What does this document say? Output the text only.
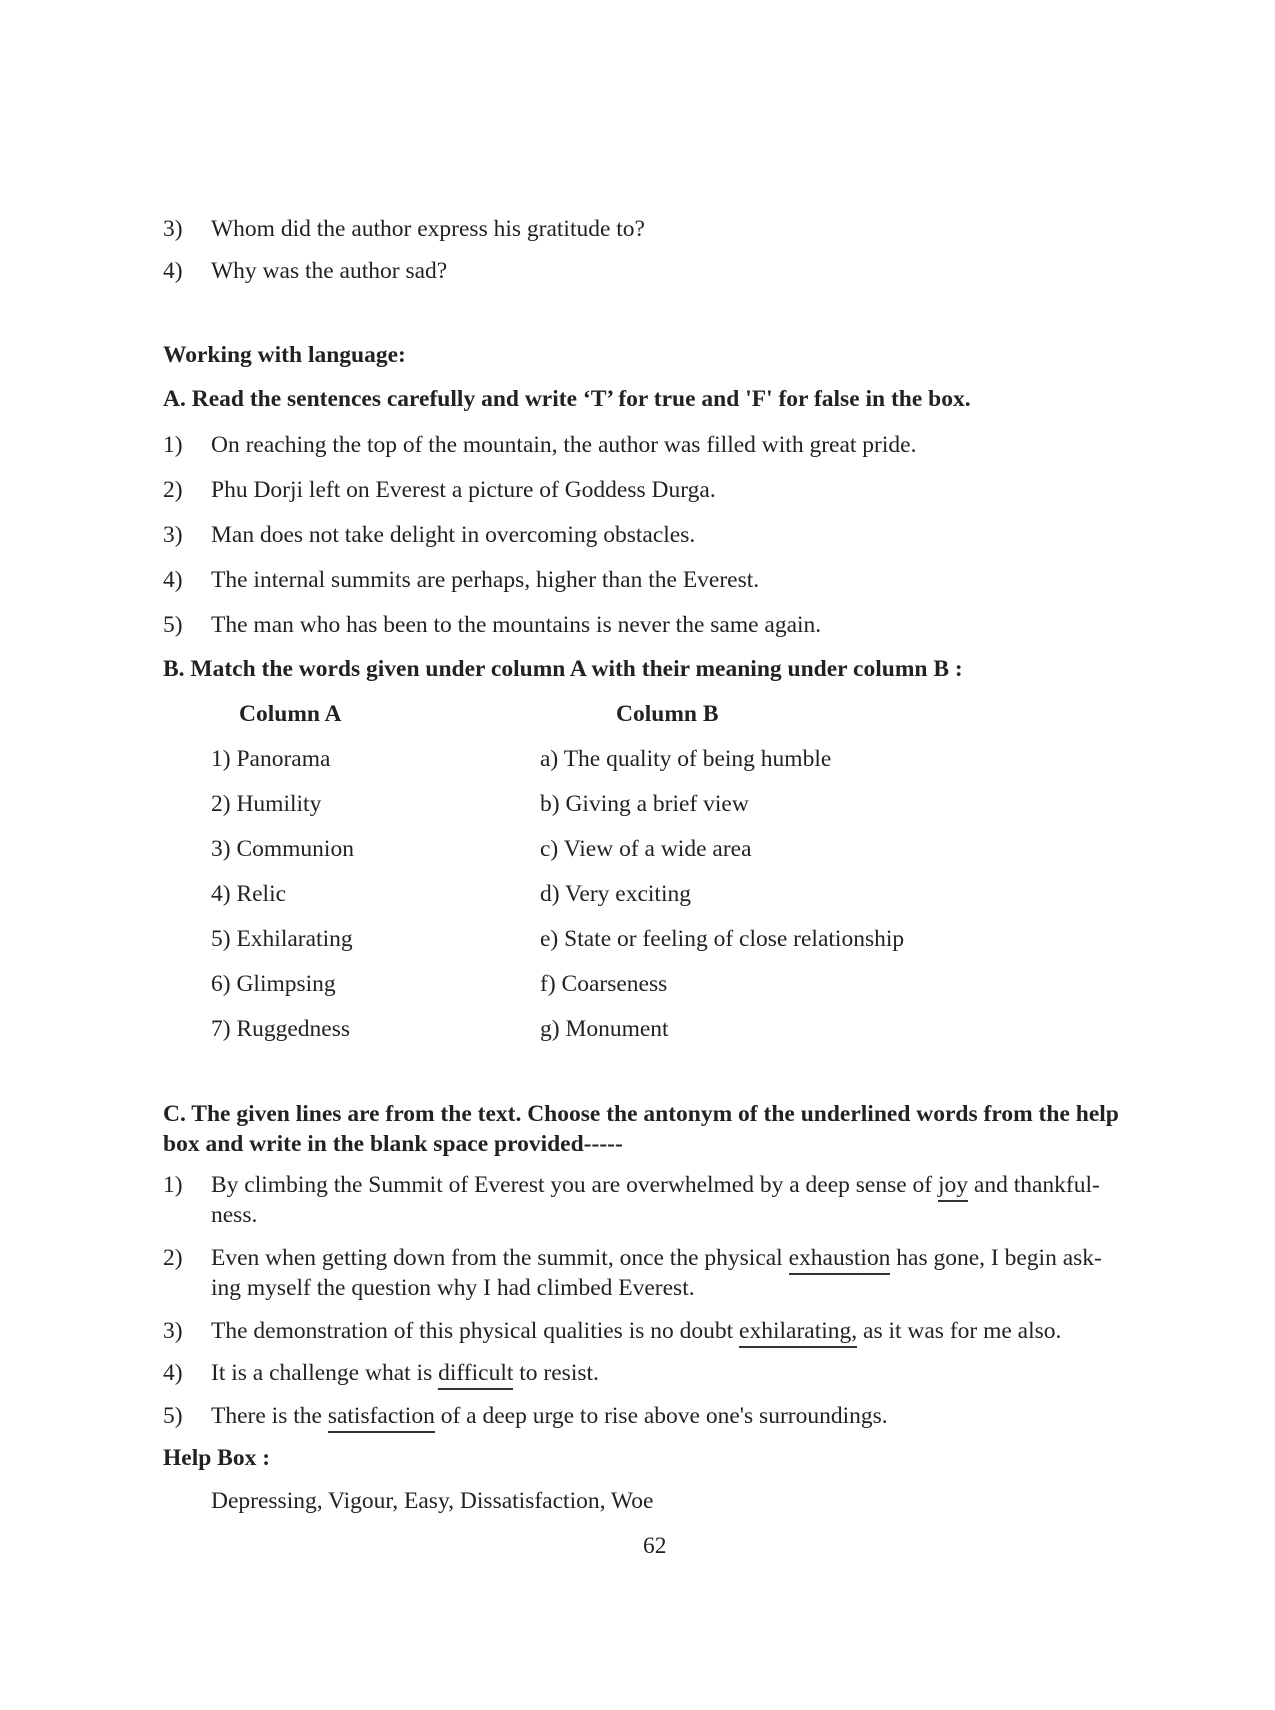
3) Whom did the author express his gratitude to?
4) Why was the author sad?
Working with language:
A. Read the sentences carefully and write ‘T’ for true and 'F' for false in the box.
1) On reaching the top of the mountain, the author was filled with great pride.
2) Phu Dorji left on Everest a picture of Goddess Durga.
3) Man does not take delight in overcoming obstacles.
4) The internal summits are perhaps, higher than the Everest.
5) The man who has been to the mountains is never the same again.
B. Match the words given under column A with their meaning under column B :
Column A	Column B
1) Panorama	a) The quality of being humble
2) Humility	b) Giving a brief view
3) Communion	c) View of a wide area
4) Relic	d) Very exciting
5) Exhilarating	e) State or feeling of close relationship
6) Glimpsing	f) Coarseness
7) Ruggedness	g) Monument
C. The given lines are from the text. Choose the antonym of the underlined words from the help
box and write in the blank space provided-----
1) By climbing the Summit of Everest you are overwhelmed by a deep sense of joy and thankful-
ness.
2) Even when getting down from the summit, once the physical exhaustion has gone, I begin ask-
ing myself the question why I had climbed Everest.
3) The demonstration of this physical qualities is no doubt exhilarating, as it was for me also.
4) It is a challenge what is difficult to resist.
5) There is the satisfaction of a deep urge to rise above one's surroundings.
Help Box :
Depressing, Vigour, Easy, Dissatisfaction, Woe
62
